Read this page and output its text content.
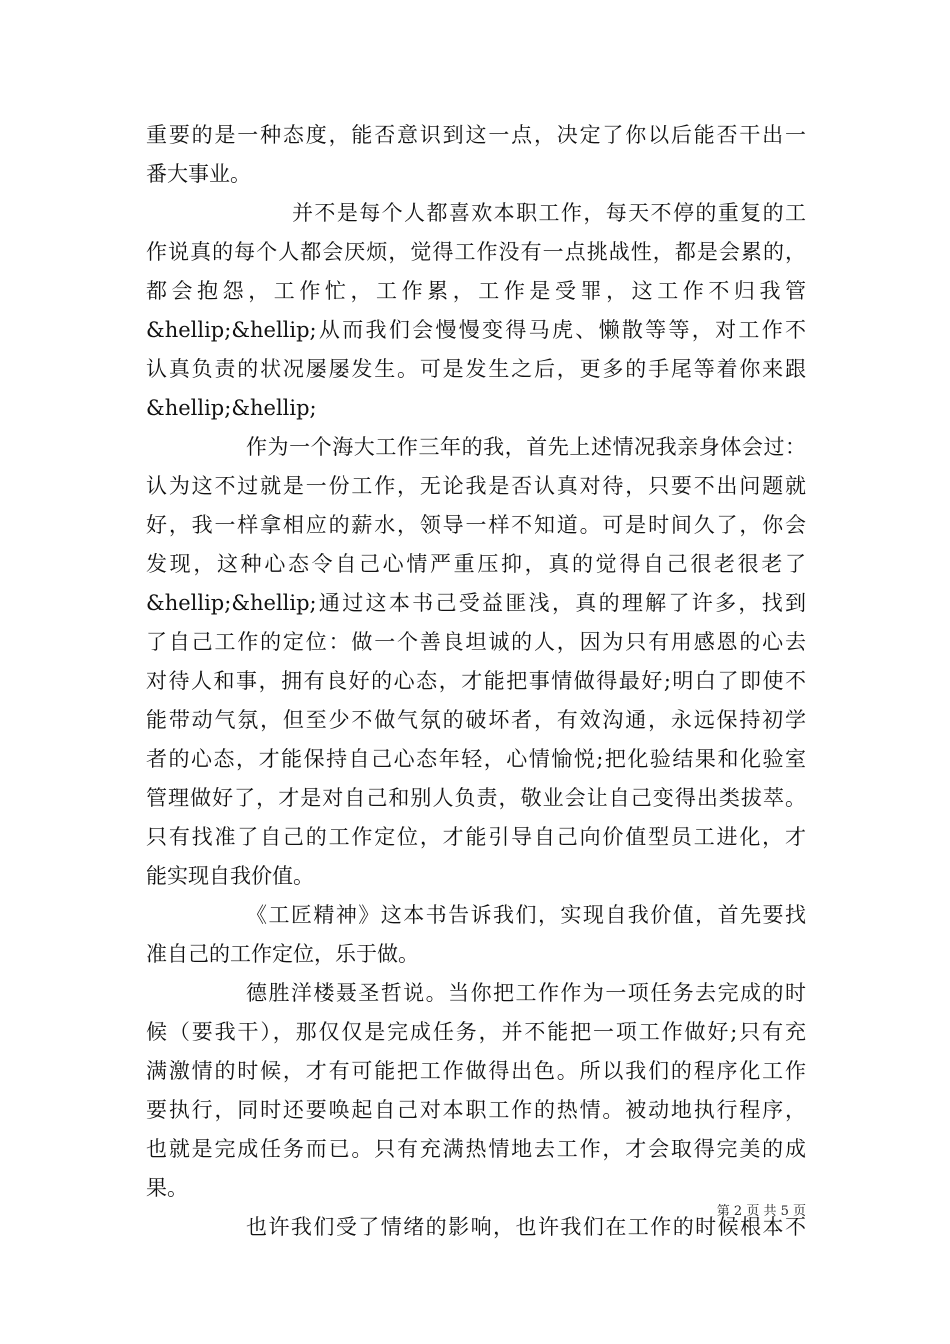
重要的是一种态度，能否意识到这一点，决定了你以后能否干出一
番大事业。
并不是每个人都喜欢本职工作，每天不停的重复的工
作说真的每个人都会厌烦，觉得工作没有一点挑战性，都是会累的，
都会抱怨，工作忙，工作累，工作是受罪，这工作不归我管
&hellip;&hellip;从而我们会慢慢变得马虎、懒散等等，对工作不
认真负责的状况屡屡发生。可是发生之后，更多的手尾等着你来跟
&hellip;&hellip;
作为一个海大工作三年的我，首先上述情况我亲身体会过：
认为这不过就是一份工作，无论我是否认真对待，只要不出问题就
好，我一样拿相应的薪水，领导一样不知道。可是时间久了，你会
发现，这种心态令自己心情严重压抑，真的觉得自己很老很老了
&hellip;&hellip;通过这本书己受益匪浅，真的理解了许多，找到
了自己工作的定位：做一个善良坦诚的人，因为只有用感恩的心去
对待人和事，拥有良好的心态，才能把事情做得最好;明白了即使不
能带动气氛，但至少不做气氛的破坏者，有效沟通，永远保持初学
者的心态，才能保持自己心态年轻，心情愉悦;把化验结果和化验室
管理做好了，才是对自己和别人负责，敬业会让自己变得出类拔萃。
只有找准了自己的工作定位，才能引导自己向价值型员工进化，才
能实现自我价值。
《工匠精神》这本书告诉我们，实现自我价值，首先要找
准自己的工作定位，乐于做。
德胜洋楼聂圣哲说。当你把工作作为一项任务去完成的时
候（要我干），那仅仅是完成任务，并不能把一项工作做好;只有充
满激情的时候，才有可能把工作做得出色。所以我们的程序化工作
要执行，同时还要唤起自己对本职工作的热情。被动地执行程序，
也就是完成任务而已。只有充满热情地去工作，才会取得完美的成
果。
也许我们受了情绪的影响，也许我们在工作的时候根本不
第 2 页 共 5 页
